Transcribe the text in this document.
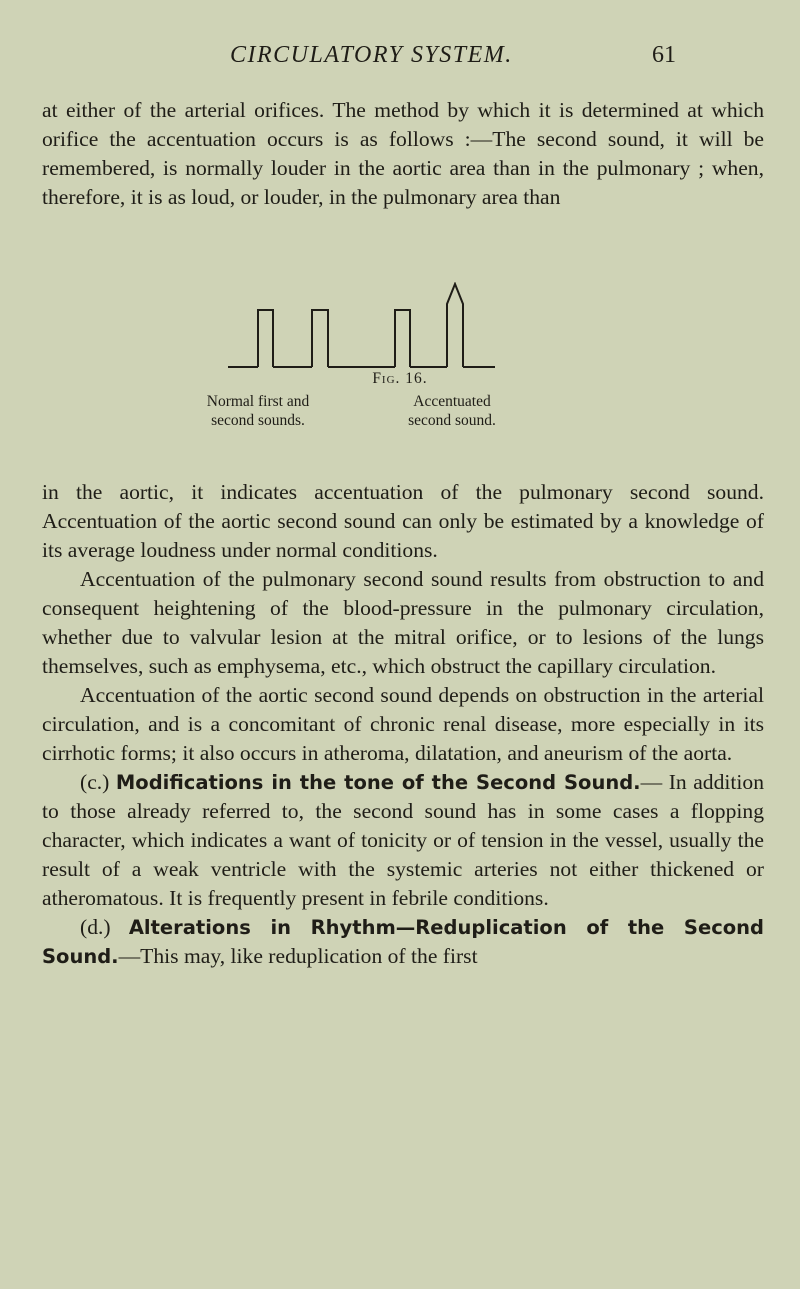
CIRCULATORY SYSTEM.	61

at either of the arterial orifices. The method by which it is determined at which orifice the accentuation occurs is as follows :—The second sound, it will be remembered, is normally louder in the aortic area than in the pulmonary ; when, therefore, it is as loud, or louder, in the pulmonary area than

Fig. 16.
Normal first and
second sounds.
Accentuated
second sound.

in the aortic, it indicates accentuation of the pulmonary second sound. Accentuation of the aortic second sound can only be estimated by a knowledge of its average loudness under normal conditions.

Accentuation of the pulmonary second sound results from obstruction to and consequent heightening of the blood-pressure in the pulmonary circulation, whether due to valvular lesion at the mitral orifice, or to lesions of the lungs themselves, such as emphysema, etc., which obstruct the capillary circulation.

Accentuation of the aortic second sound depends on obstruction in the arterial circulation, and is a concomitant of chronic renal disease, more especially in its cirrhotic forms; it also occurs in atheroma, dilatation, and aneurism of the aorta.

(c.) Modifications in the tone of the Second Sound.— In addition to those already referred to, the second sound has in some cases a flopping character, which indicates a want of tonicity or of tension in the vessel, usually the result of a weak ventricle with the systemic arteries not either thickened or atheromatous. It is frequently present in febrile conditions.

(d.) Alterations in Rhythm—Reduplication of the Second Sound.—This may, like reduplication of the first
